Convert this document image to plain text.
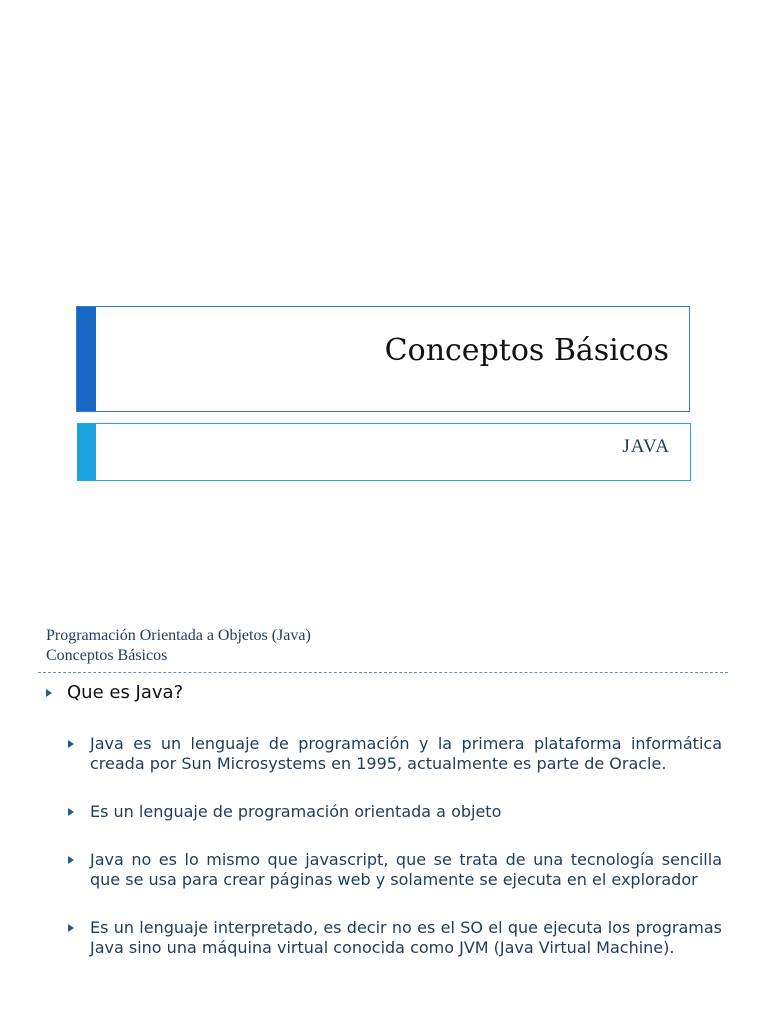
Conceptos Básicos
JAVA
Programación Orientada a Objetos (Java)
Conceptos Básicos
Que es Java?
Java es un lenguaje de programación y la primera plataforma informática creada por Sun Microsystems en 1995, actualmente es parte de Oracle.
Es un lenguaje de programación orientada a objeto
Java no es lo mismo que javascript, que se trata de una tecnología sencilla que se usa para crear páginas web y solamente se ejecuta en el explorador
Es un lenguaje interpretado, es decir no es el SO el que ejecuta los programas Java sino una máquina virtual conocida como JVM (Java Virtual Machine).
